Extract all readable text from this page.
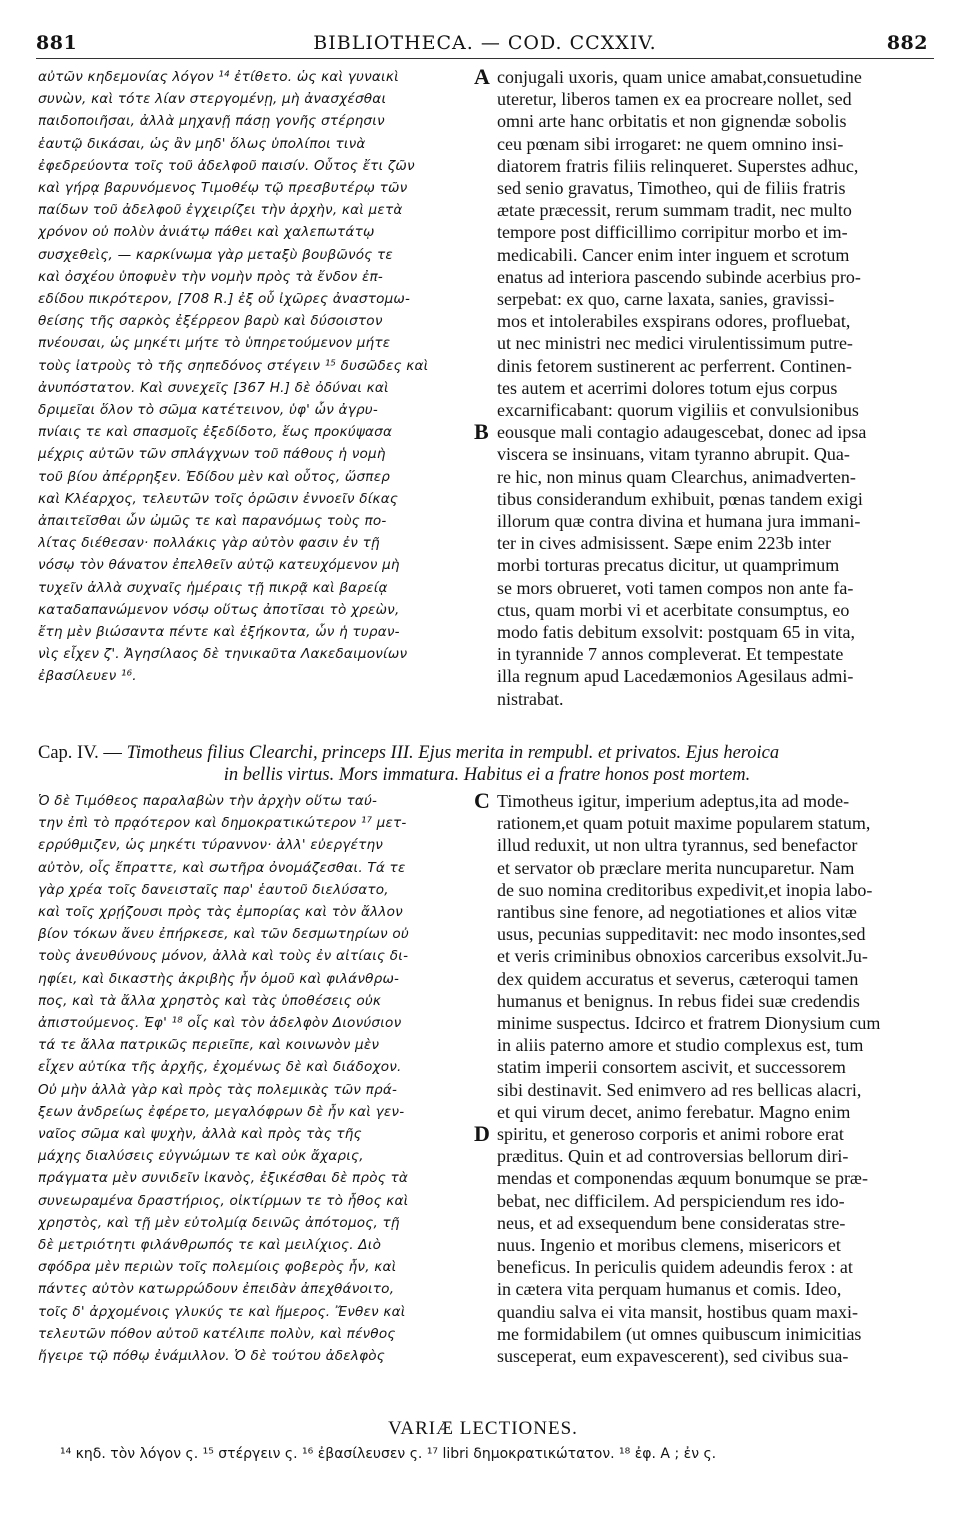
881	BIBLIOTHECA. — COD. CCXXIV.	882
αὐτῶν κηδεμονίας λόγον ¹⁴ ἐτίθετο. ὡς καὶ γυναικὶ
συνὼν, καὶ τότε λίαν στεργομένῃ, μὴ ἀνασχέσθαι
παιδοποιῆσαι, ἀλλὰ μηχανῇ πάσῃ γονῆς στέρησιν
ἑαυτῷ δικάσαι, ὡς ἂν μηδ' ὅλως ὑπολίποι τινὰ
ἐφεδρεύοντα τοῖς τοῦ ἀδελφοῦ παισίν. Οὗτος ἔτι ζῶν
καὶ γήρᾳ βαρυνόμενος Τιμοθέῳ τῷ πρεσβυτέρῳ τῶν
παίδων τοῦ ἀδελφοῦ ἐγχειρίζει τὴν ἀρχὴν, καὶ μετὰ
χρόνον οὐ πολὺν ἀνιάτῳ πάθει καὶ χαλεπωτάτῳ
συσχεθεὶς, — καρκίνωμα γὰρ μεταξὺ βουβῶνός τε
καὶ ὀσχέου ὑποφυὲν τὴν νομὴν πρὸς τὰ ἔνδον ἐπ-
εδίδου πικρότερον, [708 R.] ἐξ οὗ ἰχῶρες ἀναστομω-
θείσης τῆς σαρκὸς ἐξέρρεον βαρὺ καὶ δύσοιστον
πνέουσαι, ὡς μηκέτι μήτε τὸ ὑπηρετούμενον μήτε
τοὺς ἰατροὺς τὸ τῆς σηπεδόνος στέγειν ¹⁵ δυσῶδες καὶ
ἀνυπόστατον. Καὶ συνεχεῖς [367 H.] δὲ ὀδύναι καὶ
δριμεῖαι ὅλον τὸ σῶμα κατέτεινον, ὑφ' ὧν ἀγρυ-
πνίαις τε καὶ σπασμοῖς ἐξεδίδοτο, ἕως προκύψασα
μέχρις αὐτῶν τῶν σπλάγχνων τοῦ πάθους ἡ νομὴ
τοῦ βίου ἀπέρρηξεν. Ἐδίδου μὲν καὶ οὗτος, ὥσπερ
καὶ Κλέαρχος, τελευτῶν τοῖς ὁρῶσιν ἐννοεῖν δίκας
ἀπαιτεῖσθαι ὧν ὠμῶς τε καὶ παρανόμως τοὺς πο-
λίτας διέθεσαν· πολλάκις γὰρ αὐτὸν φασιν ἐν τῇ
νόσῳ τὸν θάνατον ἐπελθεῖν αὐτῷ κατευχόμενον μὴ
τυχεῖν ἀλλὰ συχναῖς ἡμέραις τῇ πικρᾷ καὶ βαρείᾳ
καταδαπανώμενον νόσῳ οὕτως ἀποτῖσαι τὸ χρεὼν,
ἔτη μὲν βιώσαντα πέντε καὶ ἑξήκοντα, ὧν ἡ τυραν-
νὶς εἶχεν ζ'. Ἀγησίλαος δὲ τηνικαῦτα Λακεδαιμονίων
ἐβασίλευεν ¹⁶.
conjugali uxoris, quam unice amabat,consuetudine
uteretur, liberos tamen ex ea procreare nollet, sed
omni arte hanc orbitatis et non gignendæ sobolis
ceu pœnam sibi irrogaret: ne quem omnino insi-
diatorem fratris filiis relinqueret. Superstes adhuc,
sed senio gravatus, Timotheo, qui de filiis fratris
ætate præcessit, rerum summam tradit, nec multo
tempore post difficillimo corripitur morbo et im-
medicabili. Cancer enim inter inguem et scrotum
enatus ad interiora pascendo subinde acerbius pro-
serpebat: ex quo, carne laxata, sanies, gravissi-
mos et intolerabiles exspirans odores, profluebat,
ut nec ministri nec medici virulentissimum putre-
dinis fetorem sustinerent ac perferrent. Continen-
tes autem et acerrimi dolores totum ejus corpus
excarnificabant: quorum vigiliis et convulsionibus
eousque mali contagio adaugescebat, donec ad ipsa
viscera se insinuans, vitam tyranno abrupit. Qua-
re hic, non minus quam Clearchus, animadverten-
tibus considerandum exhibuit, pœnas tandem exigi
illorum quæ contra divina et humana jura immani-
ter in cives admisissent. Sæpe enim 223b inter
morbi torturas precatus dicitur, ut quamprimum
se mors obrueret, voti tamen compos non ante fa-
ctus, quam morbi vi et acerbitate consumptus, eo
modo fatis debitum exsolvit: postquam 65 in vita,
in tyrannide 7 annos compleverat. Et tempestate
illa regnum apud Lacedæmonios Agesilaus admi-
nistrabat.
A
B
Cap. IV. — Timotheus filius Clearchi, princeps III. Ejus merita in rempubl. et privatos. Ejus heroica
in bellis virtus. Mors immatura. Habitus ei a fratre honos post mortem.
Ὁ δὲ Τιμόθεος παραλαβὼν τὴν ἀρχὴν οὕτω ταύ-
την ἐπὶ τὸ πρᾳότερον καὶ δημοκρατικώτερον ¹⁷ μετ-
ερρύθμιζεν, ὡς μηκέτι τύραννον· ἀλλ' εὐεργέτην
αὐτὸν, οἷς ἔπραττε, καὶ σωτῆρα ὀνομάζεσθαι. Τά τε
γὰρ χρέα τοῖς δανεισταῖς παρ' ἑαυτοῦ διελύσατο,
καὶ τοῖς χρῄζουσι πρὸς τὰς ἐμπορίας καὶ τὸν ἄλλον
βίον τόκων ἄνευ ἐπήρκεσε, καὶ τῶν δεσμωτηρίων οὐ
τοὺς ἀνευθύνους μόνον, ἀλλὰ καὶ τοὺς ἐν αἰτίαις δι-
ηφίει, καὶ δικαστὴς ἀκριβὴς ἦν ὁμοῦ καὶ φιλάνθρω-
πος, καὶ τὰ ἄλλα χρηστὸς καὶ τὰς ὑποθέσεις οὐκ
ἀπιστούμενος. Ἐφ' ¹⁸ οἷς καὶ τὸν ἀδελφὸν Διονύσιον
τά τε ἄλλα πατρικῶς περιεῖπε, καὶ κοινωνὸν μὲν
εἶχεν αὐτίκα τῆς ἀρχῆς, ἐχομένως δὲ καὶ διάδοχον.
Οὐ μὴν ἀλλὰ γὰρ καὶ πρὸς τὰς πολεμικὰς τῶν πρά-
ξεων ἀνδρείως ἐφέρετο, μεγαλόφρων δὲ ἦν καὶ γεν-
ναῖος σῶμα καὶ ψυχὴν, ἀλλὰ καὶ πρὸς τὰς τῆς
μάχης διαλύσεις εὐγνώμων τε καὶ οὐκ ἄχαρις,
πράγματα μὲν συνιδεῖν ἱκανὸς, ἐξικέσθαι δὲ πρὸς τὰ
συνεωραμένα δραστήριος, οἰκτίρμων τε τὸ ἦθος καὶ
χρηστὸς, καὶ τῇ μὲν εὐτολμίᾳ δεινῶς ἀπότομος, τῇ
δὲ μετριότητι φιλάνθρωπός τε καὶ μειλίχιος. Διὸ
σφόδρα μὲν περιὼν τοῖς πολεμίοις φοβερὸς ἦν, καὶ
πάντες αὐτὸν κατωρρώδουν ἐπειδὰν ἀπεχθάνοιτο,
τοῖς δ' ἀρχομένοις γλυκύς τε καὶ ἥμερος. Ἔνθεν καὶ
τελευτῶν πόθον αὐτοῦ κατέλιπε πολὺν, καὶ πένθος
ἤγειρε τῷ πόθῳ ἐνάμιλλον. Ὁ δὲ τούτου ἀδελφὸς
Timotheus igitur, imperium adeptus,ita ad mode-
rationem,et quam potuit maxime popularem statum,
illud reduxit, ut non ultra tyrannus, sed benefactor
et servator ob præclare merita nuncuparetur. Nam
de suo nomina creditoribus expedivit,et inopia labo-
rantibus sine fenore, ad negotiationes et alios vitæ
usus, pecunias suppeditavit: nec modo insontes,sed
et veris criminibus obnoxios carceribus exsolvit.Ju-
dex quidem accuratus et severus, cæteroqui tamen
humanus et benignus. In rebus fidei suæ credendis
minime suspectus. Idcirco et fratrem Dionysium cum
in aliis paterno amore et studio complexus est, tum
statim imperii consortem ascivit, et successorem
sibi destinavit. Sed enimvero ad res bellicas alacri,
et qui virum decet, animo ferebatur. Magno enim
spiritu, et generoso corporis et animi robore erat
præditus. Quin et ad controversias bellorum diri-
mendas et componendas æquum bonumque se præ-
bebat, nec difficilem. Ad perspiciendum res ido-
neus, et ad exsequendum bene consideratas stre-
nuus. Ingenio et moribus clemens, misericors et
beneficus. In periculis quidem adeundis ferox : at
in cætera vita perquam humanus et comis. Ideo,
quandiu salva ei vita mansit, hostibus quam maxi-
me formidabilem (ut omnes quibuscum inimicitias
susceperat, eum expavescerent), sed civibus sua-
C
D
VARIÆ LECTIONES.
¹⁴ κηδ. τὸν λόγον ς. ¹⁵ στέργειν ς. ¹⁶ ἐβασίλευσεν ς. ¹⁷ libri δημοκρατικώτατον. ¹⁸ ἐφ. A ; ἐν ς.
